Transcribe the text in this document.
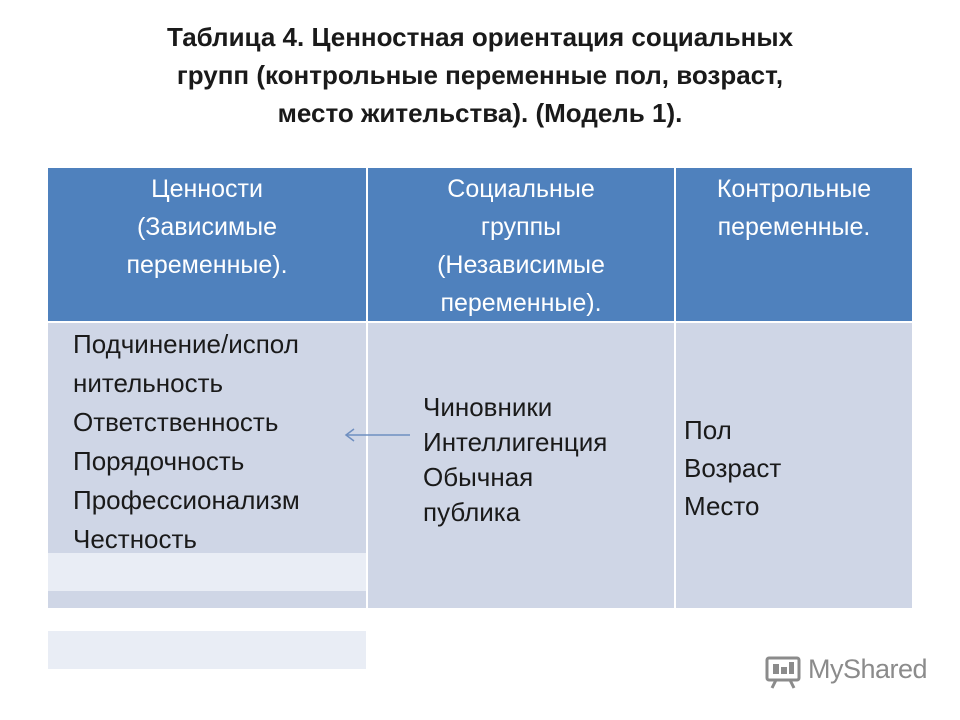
Таблица 4. Ценностная ориентация социальных
групп (контрольные переменные пол, возраст,
место жительства). (Модель 1).
Ценности
(Зависимые
переменные).
Социальные
группы
(Независимые
переменные).
Контрольные
переменные.
Подчинение/испол
нительность
Ответственность
Порядочность
Профессионализм
Честность
Чиновники
Интеллигенция
Обычная
публика
Пол
Возраст
Место
MyShared
